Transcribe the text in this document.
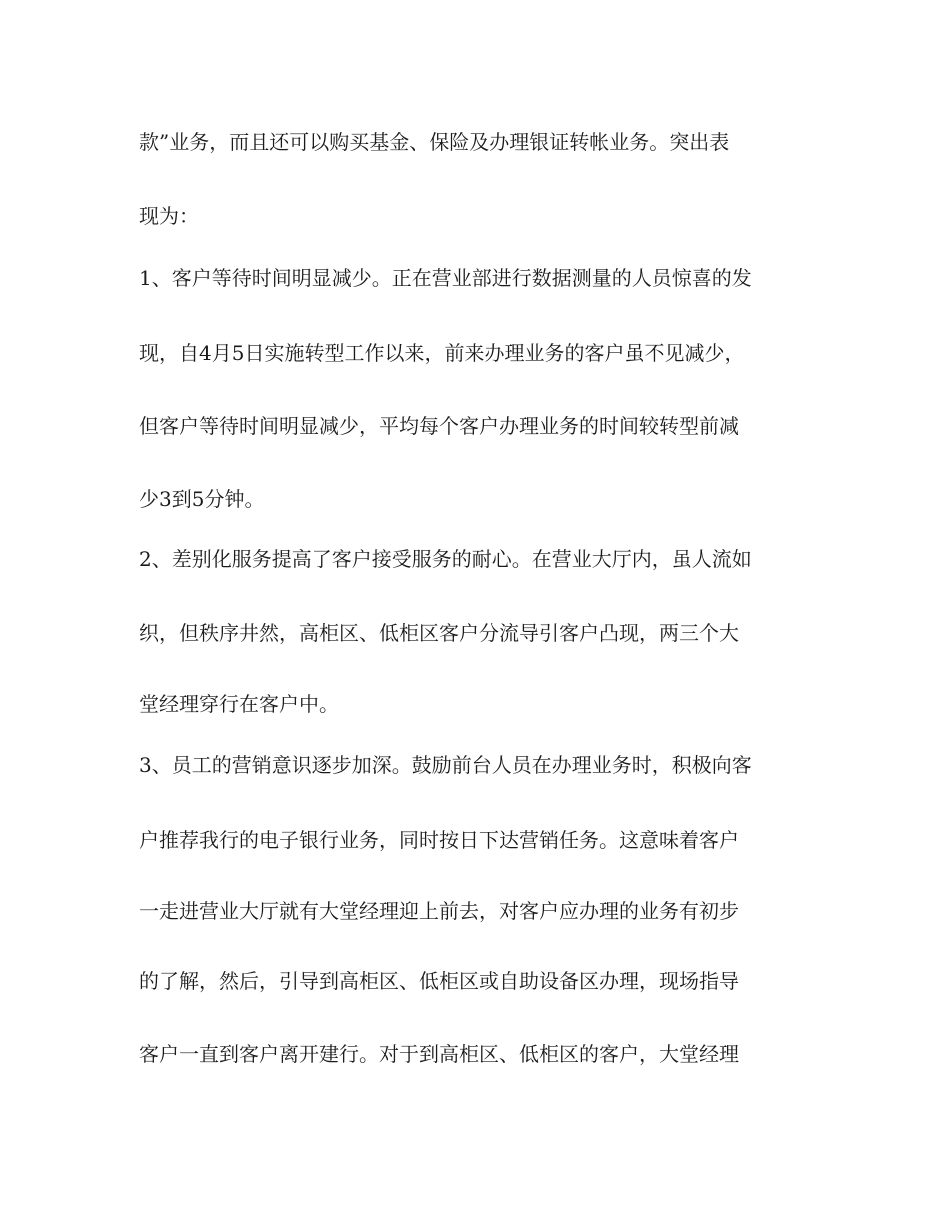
款”业务，而且还可以购买基金、保险及办理银证转帐业务。突出表
现为：
1、客户等待时间明显减少。正在营业部进行数据测量的人员惊喜的发
现，自4月5日实施转型工作以来，前来办理业务的客户虽不见减少，
但客户等待时间明显减少，平均每个客户办理业务的时间较转型前减
少3到5分钟。
2、差别化服务提高了客户接受服务的耐心。在营业大厅内，虽人流如
织，但秩序井然，高柜区、低柜区客户分流导引客户凸现，两三个大
堂经理穿行在客户中。
3、员工的营销意识逐步加深。鼓励前台人员在办理业务时，积极向客
户推荐我行的电子银行业务，同时按日下达营销任务。这意味着客户
一走进营业大厅就有大堂经理迎上前去，对客户应办理的业务有初步
的了解，然后，引导到高柜区、低柜区或自助设备区办理，现场指导
客户一直到客户离开建行。对于到高柜区、低柜区的客户，大堂经理
